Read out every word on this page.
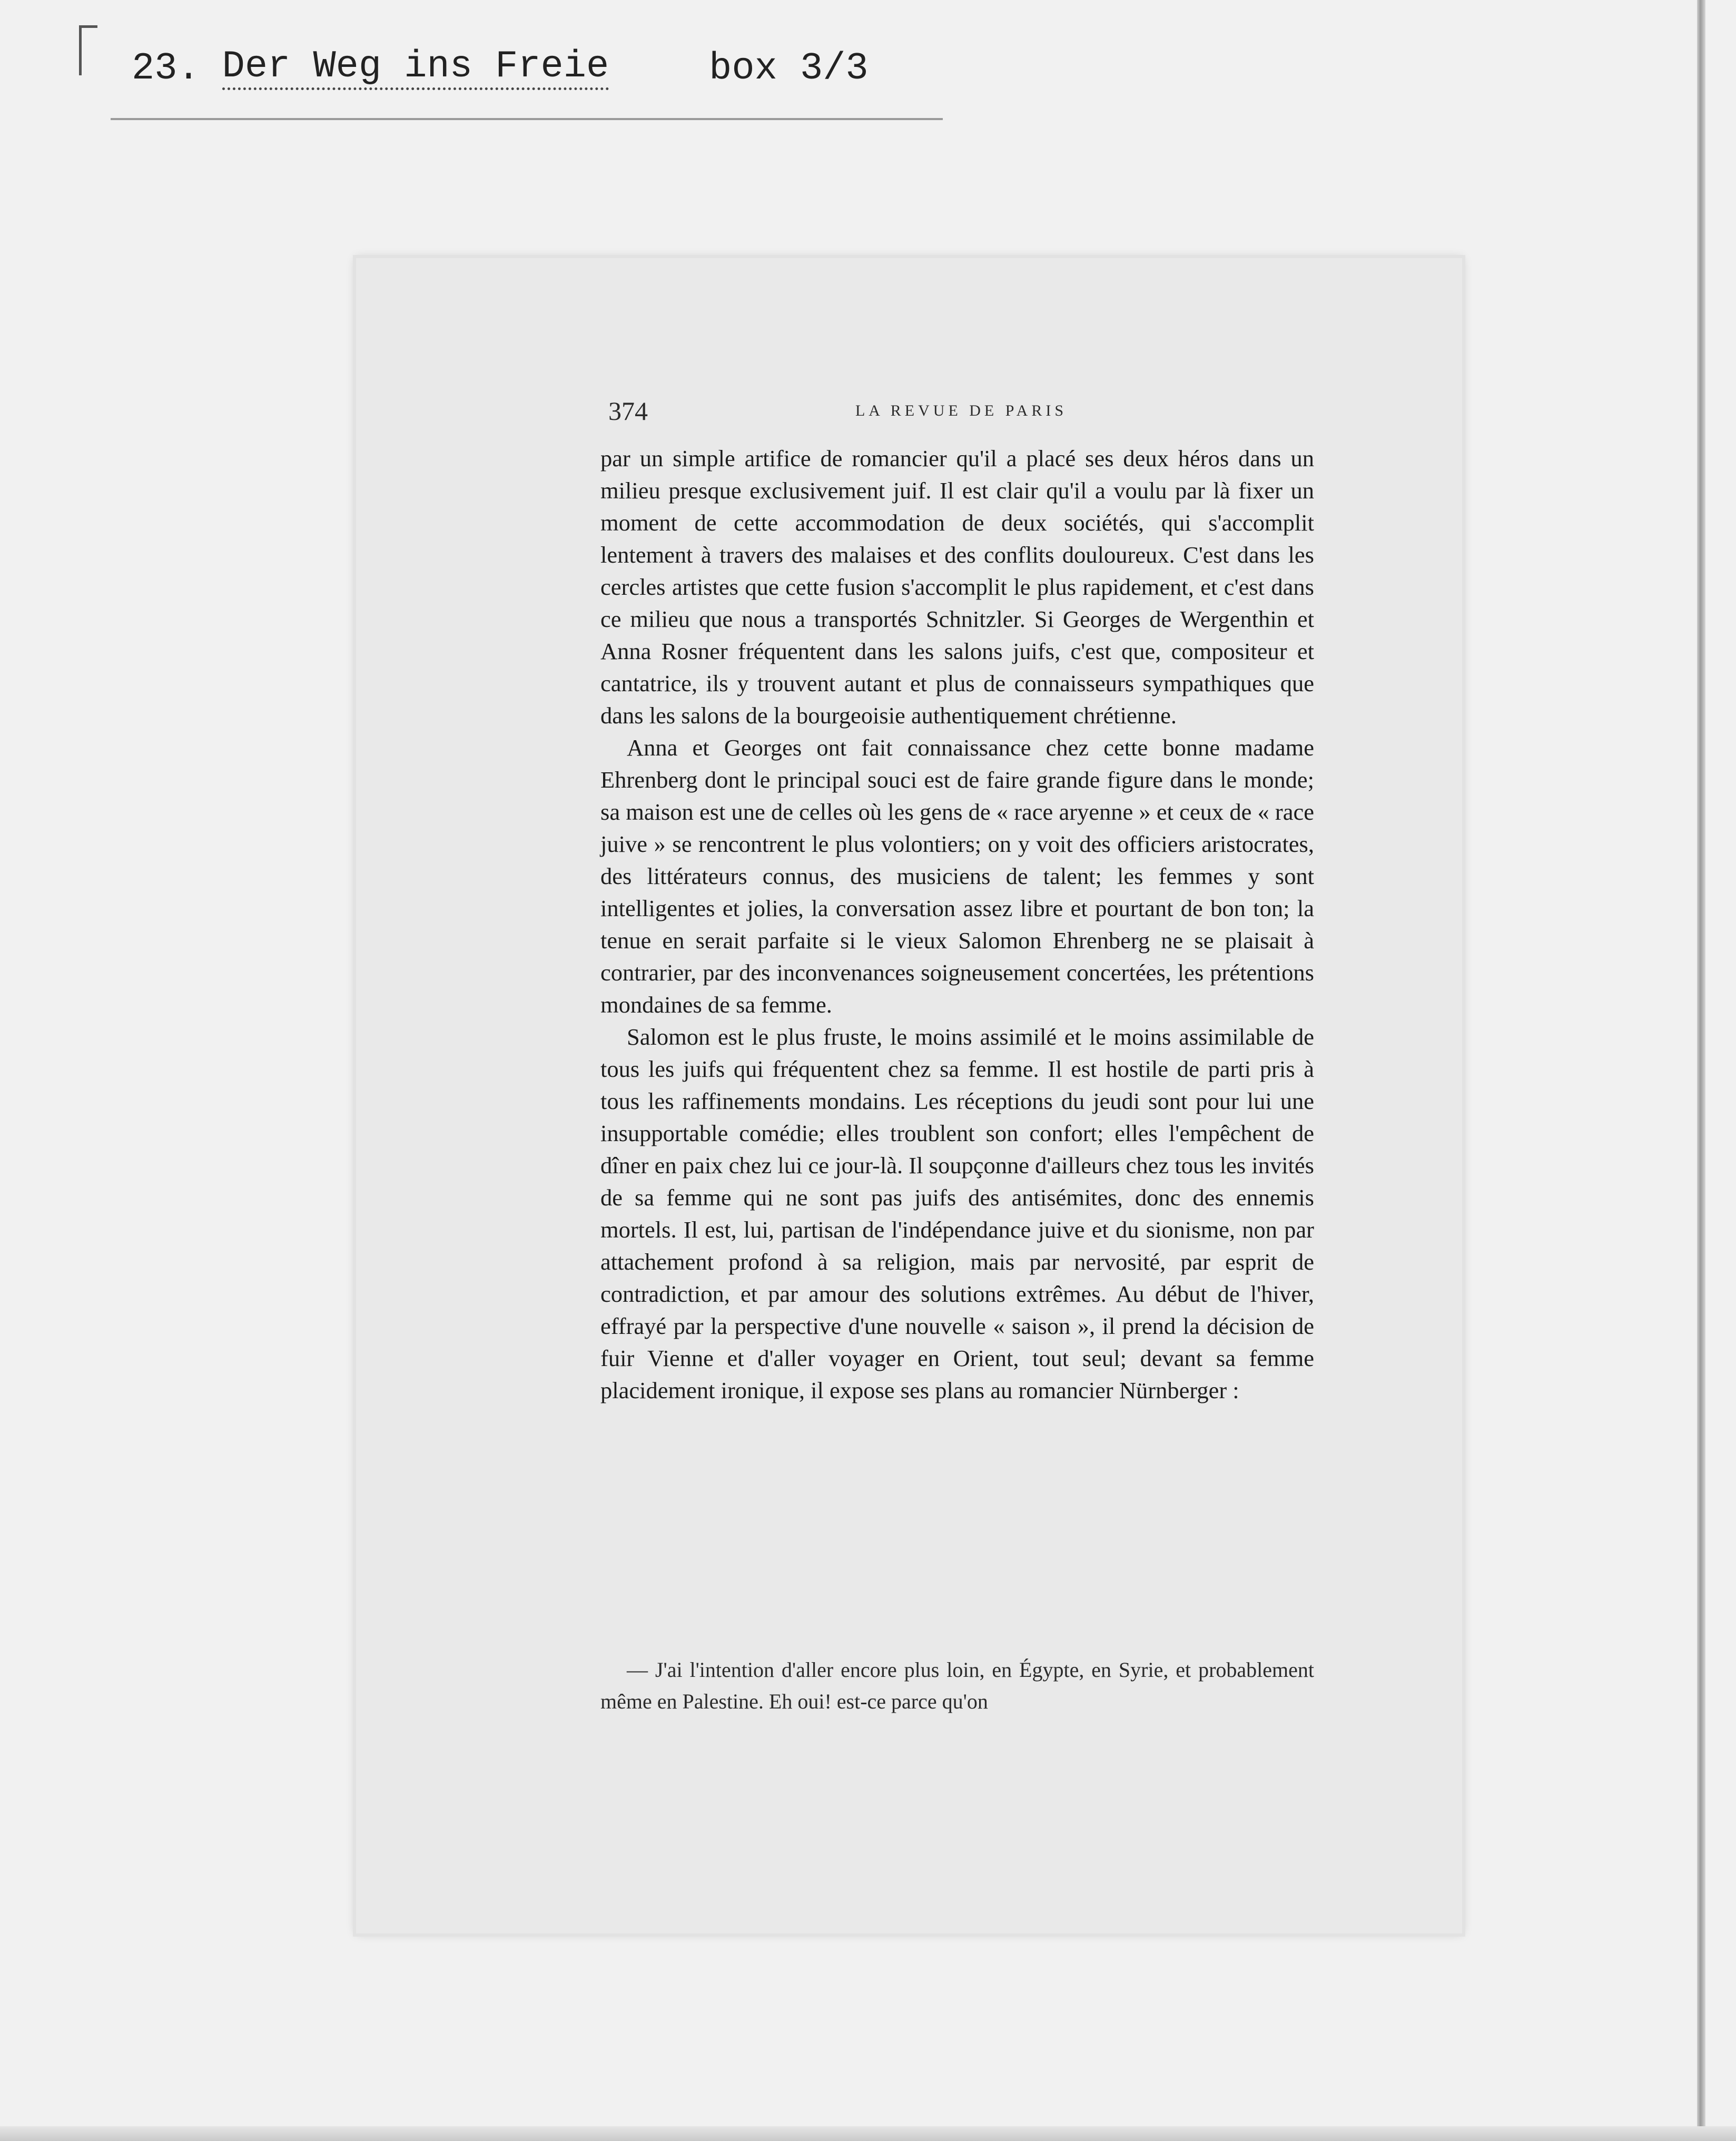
23. Der Weg ins Freie	box 3/3
374	LA REVUE DE PARIS

par un simple artifice de romancier qu'il a placé ses deux héros dans un milieu presque exclusivement juif. Il est clair qu'il a voulu par là fixer un moment de cette accommodation de deux sociétés, qui s'accomplit lentement à travers des malaises et des conflits douloureux. C'est dans les cercles artistes que cette fusion s'accomplit le plus rapidement, et c'est dans ce milieu que nous a transportés Schnitzler. Si Georges de Wergenthin et Anna Rosner fréquentent dans les salons juifs, c'est que, compositeur et cantatrice, ils y trouvent autant et plus de connaisseurs sympathiques que dans les salons de la bourgeoisie authentiquement chrétienne.

Anna et Georges ont fait connaissance chez cette bonne madame Ehrenberg dont le principal souci est de faire grande figure dans le monde; sa maison est une de celles où les gens de « race aryenne » et ceux de « race juive » se rencontrent le plus volontiers; on y voit des officiers aristocrates, des littérateurs connus, des musiciens de talent; les femmes y sont intelligentes et jolies, la conversation assez libre et pourtant de bon ton; la tenue en serait parfaite si le vieux Salomon Ehrenberg ne se plaisait à contrarier, par des inconvenances soigneusement concertées, les prétentions mondaines de sa femme.

Salomon est le plus fruste, le moins assimilé et le moins assimilable de tous les juifs qui fréquentent chez sa femme. Il est hostile de parti pris à tous les raffinements mondains. Les réceptions du jeudi sont pour lui une insupportable comédie; elles troublent son confort; elles l'empêchent de dîner en paix chez lui ce jour-là. Il soupçonne d'ailleurs chez tous les invités de sa femme qui ne sont pas juifs des antisémites, donc des ennemis mortels. Il est, lui, partisan de l'indépendance juive et du sionisme, non par attachement profond à sa religion, mais par nervosité, par esprit de contradiction, et par amour des solutions extrêmes. Au début de l'hiver, effrayé par la perspective d'une nouvelle « saison », il prend la décision de fuir Vienne et d'aller voyager en Orient, tout seul; devant sa femme placidement ironique, il expose ses plans au romancier Nürnberger :

— J'ai l'intention d'aller encore plus loin, en Égypte, en Syrie, et probablement même en Palestine. Eh oui! est-ce parce qu'on
